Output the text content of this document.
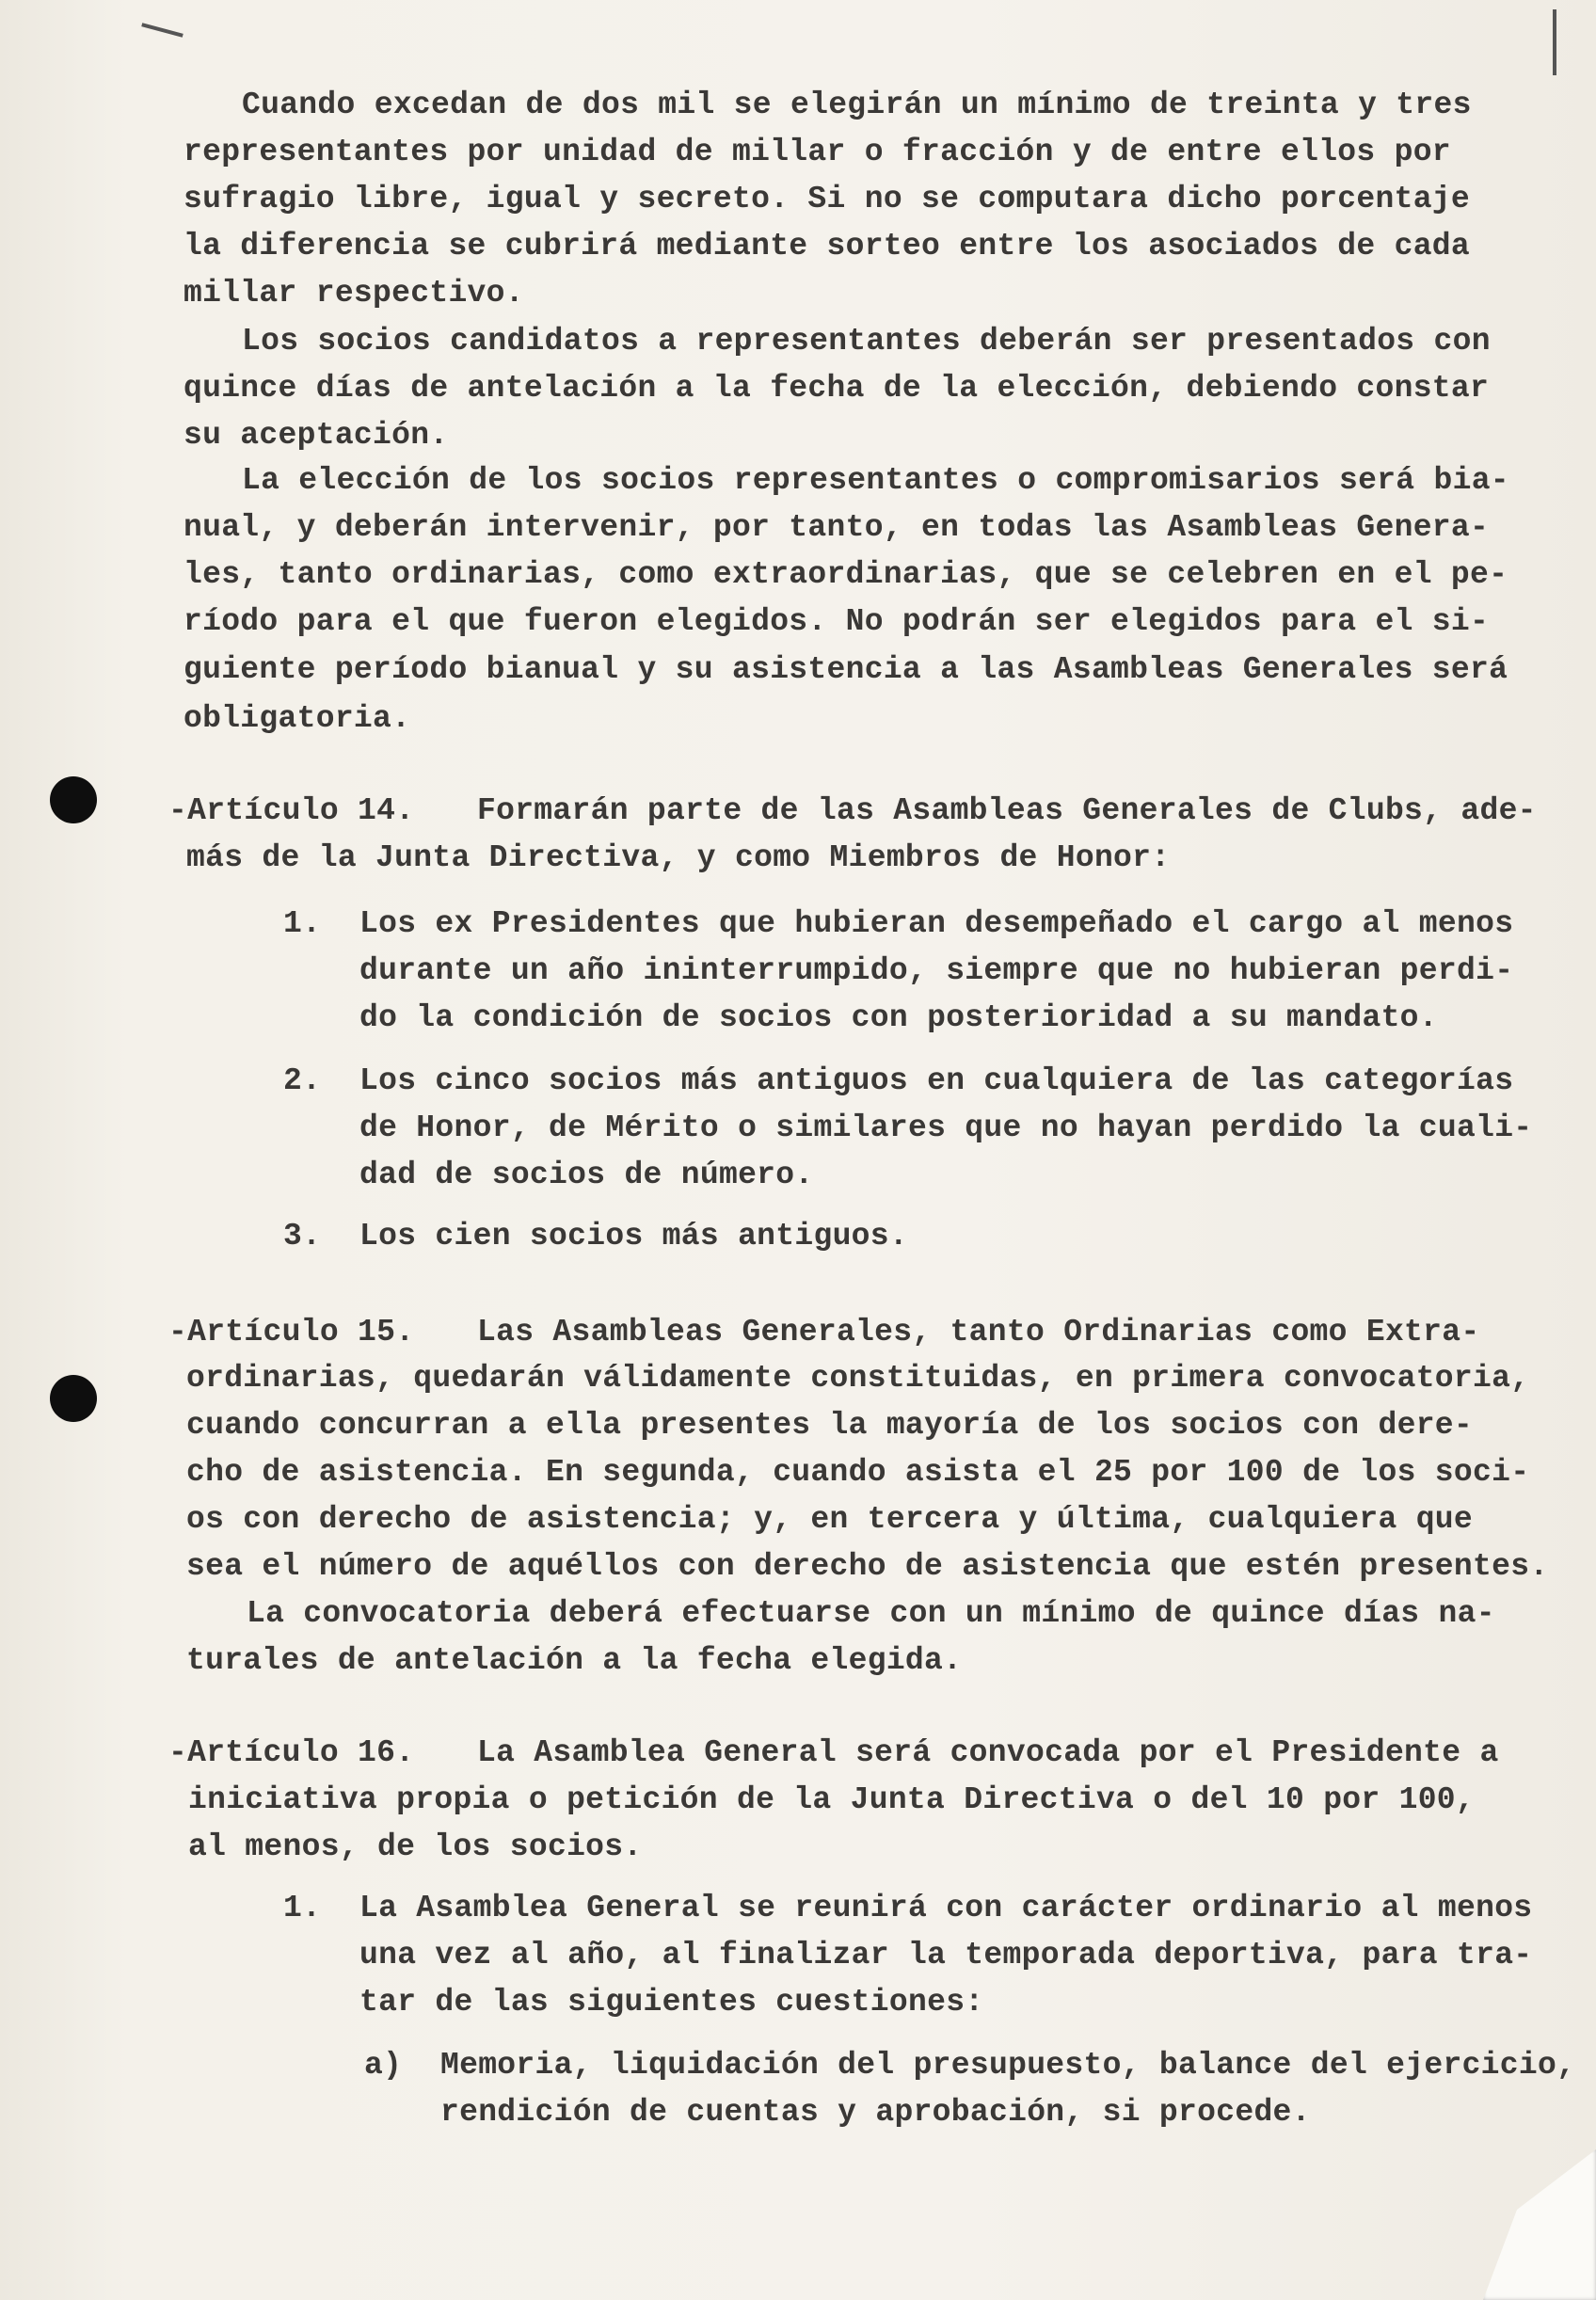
Cuando excedan de dos mil se elegirán un mínimo de treinta y tres
representantes por unidad de millar o fracción y de entre ellos por
sufragio libre, igual y secreto. Si no se computara dicho porcentaje
la diferencia se cubrirá mediante sorteo entre los asociados de cada
millar respectivo.
Los socios candidatos a representantes deberán ser presentados con
quince días de antelación a la fecha de la elección, debiendo constar
su aceptación.
La elección de los socios representantes o compromisarios será bia-
nual, y deberán intervenir, por tanto, en todas las Asambleas Genera-
les, tanto ordinarias, como extraordinarias, que se celebren en el pe-
ríodo para el que fueron elegidos. No podrán ser elegidos para el si-
guiente período bianual y su asistencia a las Asambleas Generales será
obligatoria.
-Artículo 14. Formarán parte de las Asambleas Generales de Clubs, ade-
más de la Junta Directiva, y como Miembros de Honor:
1. Los ex Presidentes que hubieran desempeñado el cargo al menos
durante un año ininterrumpido, siempre que no hubieran perdi-
do la condición de socios con posterioridad a su mandato.
2. Los cinco socios más antiguos en cualquiera de las categorías
de Honor, de Mérito o similares que no hayan perdido la cuali-
dad de socios de número.
3. Los cien socios más antiguos.
-Artículo 15. Las Asambleas Generales, tanto Ordinarias como Extra-
ordinarias, quedarán válidamente constituidas, en primera convocatoria,
cuando concurran a ella presentes la mayoría de los socios con dere-
cho de asistencia. En segunda, cuando asista el 25 por 100 de los soci-
os con derecho de asistencia; y, en tercera y última, cualquiera que
sea el número de aquéllos con derecho de asistencia que estén presentes.
La convocatoria deberá efectuarse con un mínimo de quince días na-
turales de antelación a la fecha elegida.
-Artículo 16. La Asamblea General será convocada por el Presidente a
iniciativa propia o petición de la Junta Directiva o del 10 por 100,
al menos, de los socios.
1. La Asamblea General se reunirá con carácter ordinario al menos
una vez al año, al finalizar la temporada deportiva, para tra-
tar de las siguientes cuestiones:
a) Memoria, liquidación del presupuesto, balance del ejercicio,
rendición de cuentas y aprobación, si procede.
